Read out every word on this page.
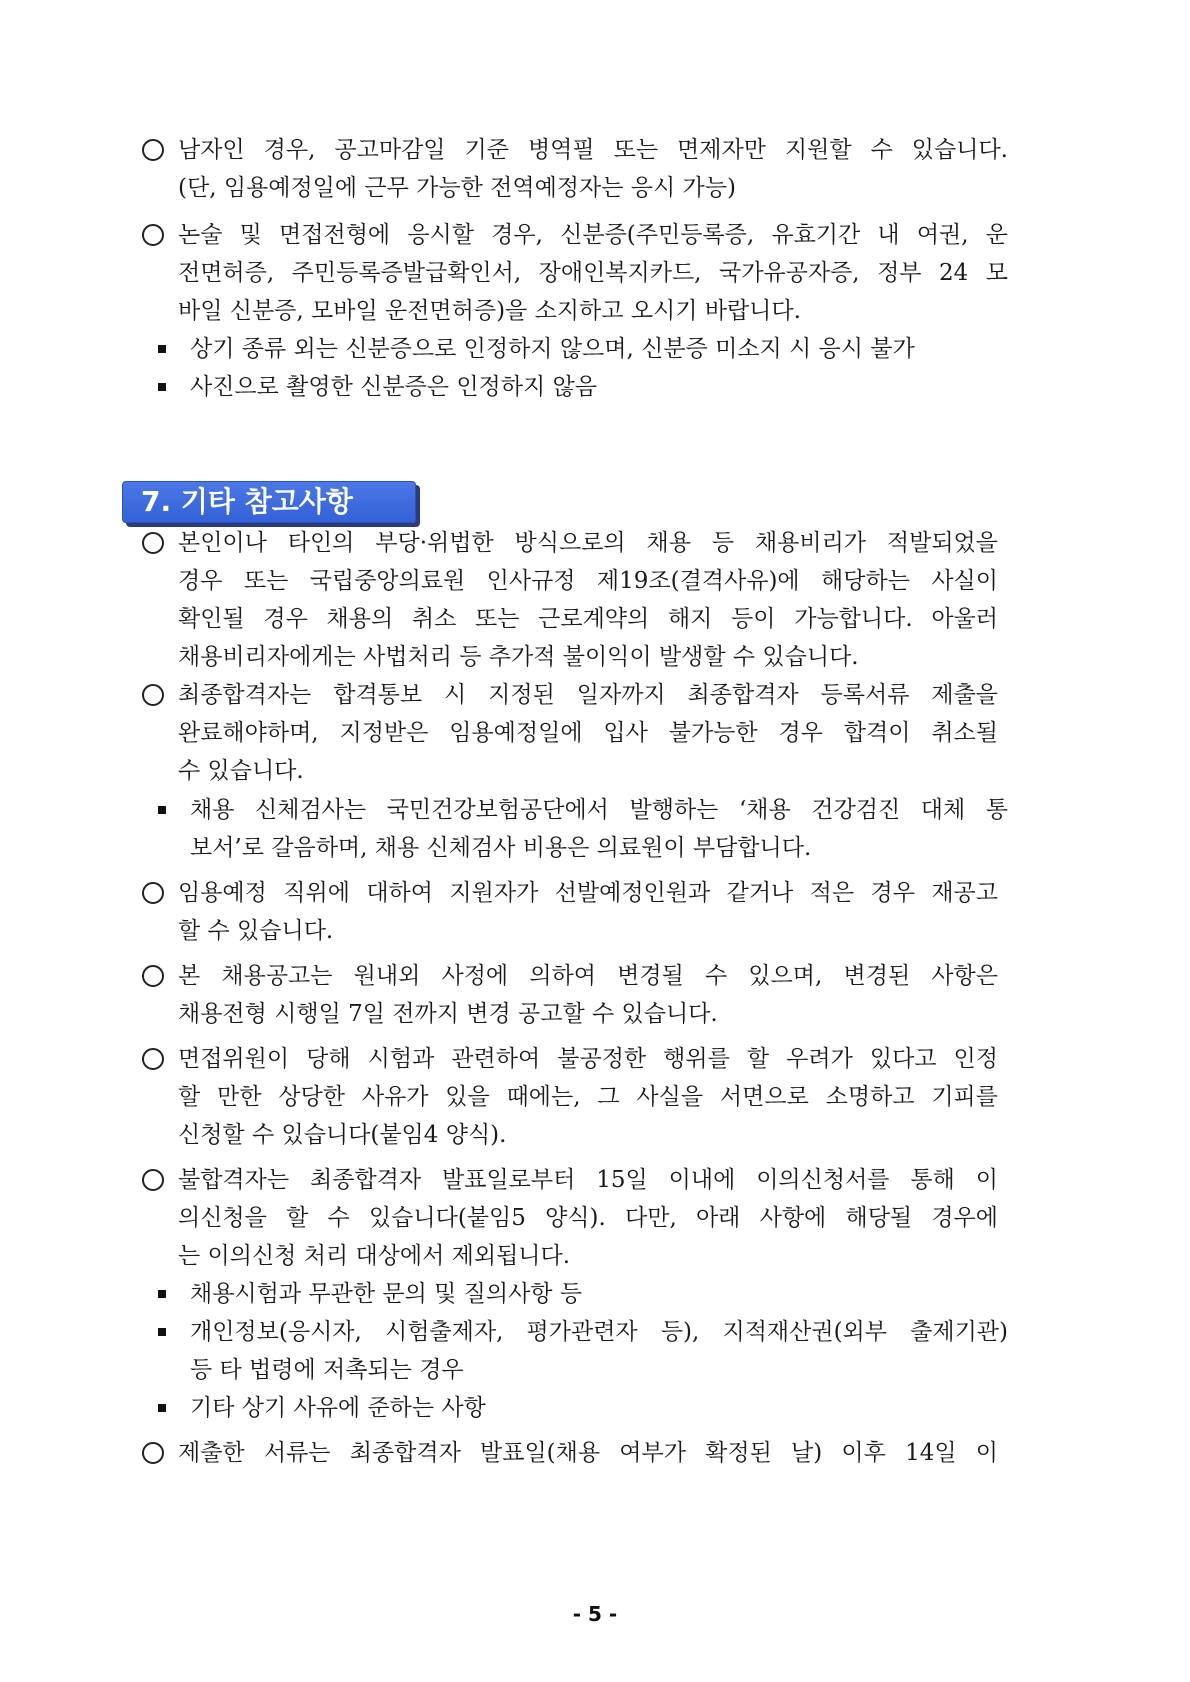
남자인 경우, 공고마감일 기준 병역필 또는 면제자만 지원할 수 있습니다.
(단, 임용예정일에 근무 가능한 전역예정자는 응시 가능)
논술 및 면접전형에 응시할 경우, 신분증(주민등록증, 유효기간 내 여권, 운
전면허증, 주민등록증발급확인서, 장애인복지카드, 국가유공자증, 정부 24 모
바일 신분증, 모바일 운전면허증)을 소지하고 오시기 바랍니다.
상기 종류 외는 신분증으로 인정하지 않으며, 신분증 미소지 시 응시 불가
사진으로 촬영한 신분증은 인정하지 않음
7. 기타 참고사항
본인이나 타인의 부당·위법한 방식으로의 채용 등 채용비리가 적발되었을
경우 또는 국립중앙의료원 인사규정 제19조(결격사유)에 해당하는 사실이
확인될 경우 채용의 취소 또는 근로계약의 해지 등이 가능합니다. 아울러
채용비리자에게는 사법처리 등 추가적 불이익이 발생할 수 있습니다.
최종합격자는 합격통보 시 지정된 일자까지 최종합격자 등록서류 제출을
완료해야하며, 지정받은 임용예정일에 입사 불가능한 경우 합격이 취소될
수 있습니다.
채용 신체검사는 국민건강보험공단에서 발행하는 ‘채용 건강검진 대체 통
보서’로 갈음하며, 채용 신체검사 비용은 의료원이 부담합니다.
임용예정 직위에 대하여 지원자가 선발예정인원과 같거나 적은 경우 재공고
할 수 있습니다.
본 채용공고는 원내외 사정에 의하여 변경될 수 있으며, 변경된 사항은
채용전형 시행일 7일 전까지 변경 공고할 수 있습니다.
면접위원이 당해 시험과 관련하여 불공정한 행위를 할 우려가 있다고 인정
할 만한 상당한 사유가 있을 때에는, 그 사실을 서면으로 소명하고 기피를
신청할 수 있습니다(붙임4 양식).
불합격자는 최종합격자 발표일로부터 15일 이내에 이의신청서를 통해 이
의신청을 할 수 있습니다(붙임5 양식). 다만, 아래 사항에 해당될 경우에
는 이의신청 처리 대상에서 제외됩니다.
채용시험과 무관한 문의 및 질의사항 등
개인정보(응시자, 시험출제자, 평가관련자 등), 지적재산권(외부 출제기관)
등 타 법령에 저촉되는 경우
기타 상기 사유에 준하는 사항
제출한 서류는 최종합격자 발표일(채용 여부가 확정된 날) 이후 14일 이
- 5 -
